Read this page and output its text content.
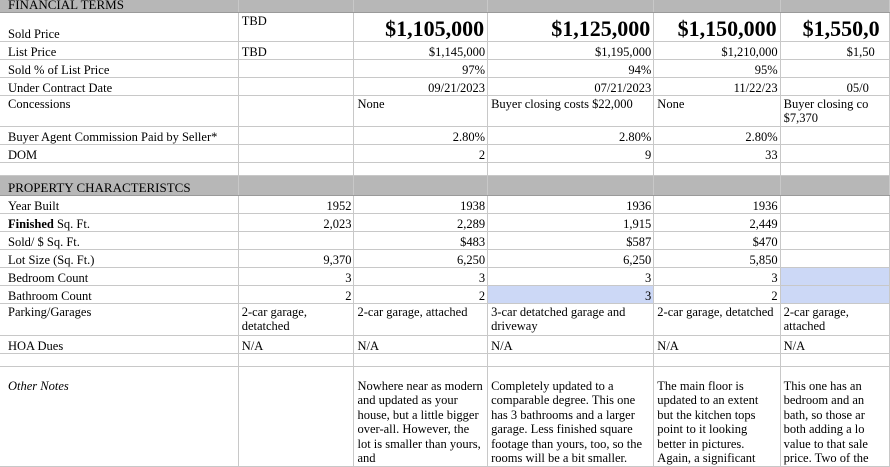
FINANCIAL TERMS					
Sold Price	TBD	$1,105,000	$1,125,000	$1,150,000	$1,550,0
List Price	TBD	$1,145,000	$1,195,000	$1,210,000	$1,50
Sold % of List Price		97%	94%	95%	
Under Contract Date		09/21/2023	07/21/2023	11/22/23	05/0
Concessions		None	Buyer closing costs $22,000	None	Buyer closing co $7,370
Buyer Agent Commission Paid by Seller*		2.80%	2.80%	2.80%	
DOM		2	9	33	

PROPERTY CHARACTERISTCS					
Year Built	1952	1938	1936	1936	
Finished Sq. Ft.	2,023	2,289	1,915	2,449	
Sold/ $ Sq. Ft.		$483	$587	$470	
Lot Size (Sq. Ft.)	9,370	6,250	6,250	5,850	
Bedroom Count	3	3	3	3	
Bathroom Count	2	2	3	2	
Parking/Garages	2-car garage, detatched	2-car garage, attached	3-car detatched garage and driveway	2-car garage, detatched	2-car garage, attached
HOA Dues	N/A	N/A	N/A	N/A	N/A

Other Notes		Nowhere near as modern and updated as your house, but a little bigger over-all. However, the lot is smaller than yours, and	Completely updated to a comparable degree. This one has 3 bathrooms and a larger garage. Less finished square footage than yours, too, so the rooms will be a bit smaller.	The main floor is updated to an extent but the kitchen tops point to it looking better in pictures. Again, a significant	This one has an bedroom and an bath, so those ar both adding a lo value to that sale price. Two of the
